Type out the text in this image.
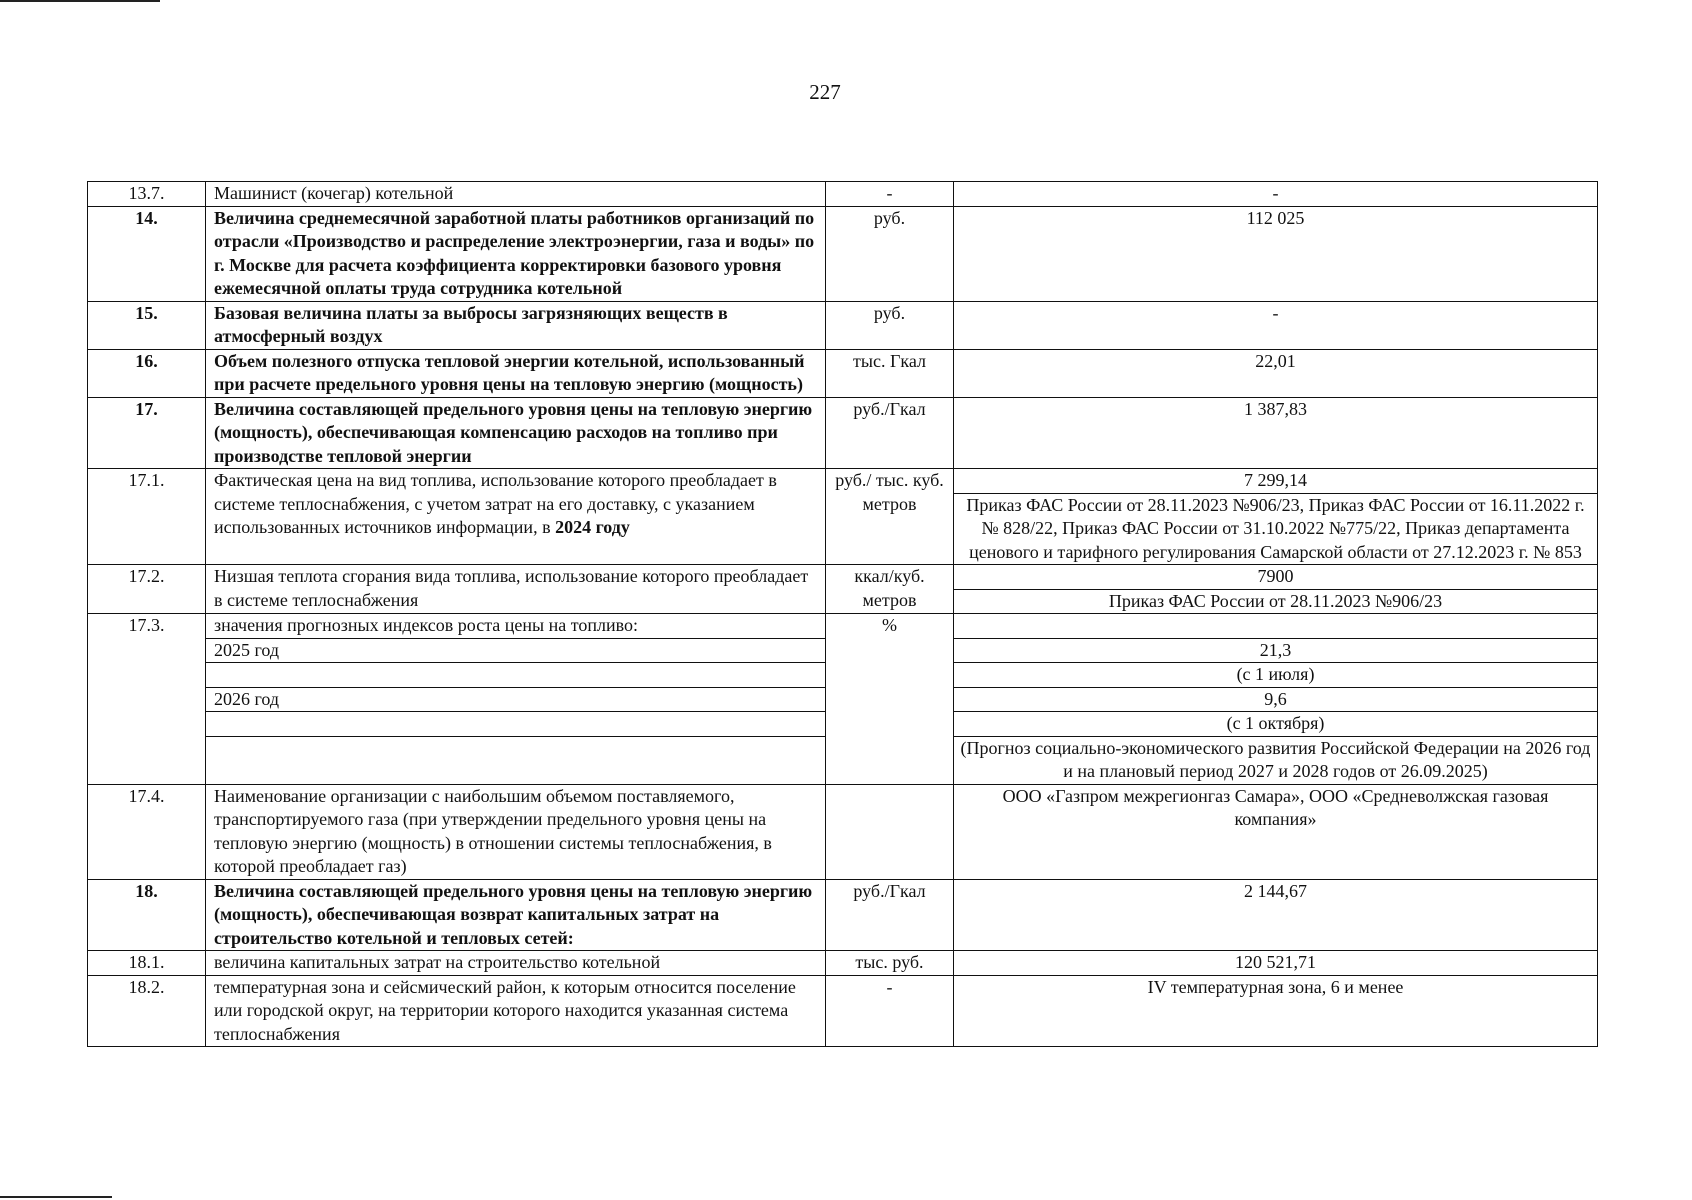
227
13.7.	Машинист (кочегар) котельной	-	-
14.	Величина среднемесячной заработной платы работников организаций по отрасли «Производство и распределение электроэнергии, газа и воды» по г. Москве для расчета коэффициента корректировки базового уровня ежемесячной оплаты труда сотрудника котельной	руб.	112 025
15.	Базовая величина платы за выбросы загрязняющих веществ в атмосферный воздух	руб.	-
16.	Объем полезного отпуска тепловой энергии котельной, использованный при расчете предельного уровня цены на тепловую энергию (мощность)	тыс. Гкал	22,01
17.	Величина составляющей предельного уровня цены на тепловую энергию (мощность), обеспечивающая компенсацию расходов на топливо при производстве тепловой энергии	руб./Гкал	1 387,83
17.1.	Фактическая цена на вид топлива, использование которого преобладает в системе теплоснабжения, с учетом затрат на его доставку, с указанием использованных источников информации, в 2024 году	руб./ тыс. куб. метров	7 299,14
			Приказ ФАС России от 28.11.2023 №906/23, Приказ ФАС России от 16.11.2022 г. № 828/22, Приказ ФАС России от 31.10.2022 №775/22, Приказ департамента ценового и тарифного регулирования Самарской области от 27.12.2023 г. № 853
17.2.	Низшая теплота сгорания вида топлива, использование которого преобладает в системе теплоснабжения	ккал/куб. метров	7900
			Приказ ФАС России от 28.11.2023 №906/23
17.3.	значения прогнозных индексов роста цены на топливо:	%	
	2025 год		21,3
			(с 1 июля)
	2026 год		9,6
			(с 1 октября)
			(Прогноз социально-экономического развития Российской Федерации на 2026 год и на плановый период 2027 и 2028 годов от 26.09.2025)

17.4.	Наименование организации с наибольшим объемом поставляемого, транспортируемого газа (при утверждении предельного уровня цены на тепловую энергию (мощность) в отношении системы теплоснабжения, в которой преобладает газ)		ООО «Газпром межрегионгаз Самара», ООО «Средневолжская газовая компания»
18.	Величина составляющей предельного уровня цены на тепловую энергию (мощность), обеспечивающая возврат капитальных затрат на строительство котельной и тепловых сетей:	руб./Гкал	2 144,67
18.1.	величина капитальных затрат на строительство котельной	тыс. руб.	120 521,71
18.2.	температурная зона и сейсмический район, к которым относится поселение или городской округ, на территории которого находится указанная система теплоснабжения	-	IV температурная зона, 6 и менее
